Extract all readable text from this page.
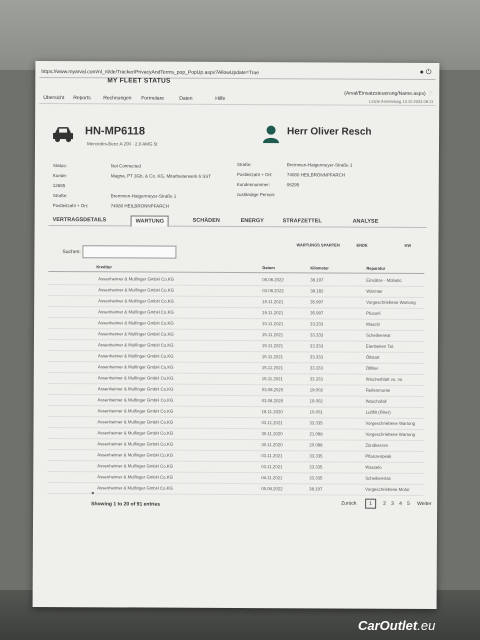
https://www.myarval.com/nl_nl/de/Tracker/PrivacyAndTerms_pop_PopUp.aspx?AllowUpdate=True	● ⏻
MY FLEET STATUS
Übersicht Reports Rechnungen Formulare	Daten	Hilfe
(Arval/Einsatzsteuerung/Name.aspx) ❔
Letzte Anmeldung 13.10.2023 09:11
HN-MP6118
Mercedes-Benz A 200 · 2.0 AMG 5t
Herr Oliver Resch
Status:	Not Connected
Kunde:	Magna, PT 3Gb, & Co. KG, Mitarbeiterwerk 6 SST
12665
Straße:	Bremmen-Haigermeyer-Straße 1
Postleitzahl + Ort:	74080 HEILBRONNPFARCH
Straße:	Bremmen-Haigermeyer-Straße 1
Postleitzahl + Ort:	74080 HEILBRONNPFARCH
Kundennummer:	06295
zuständige Person:
VERTRAGSDETAILS	WARTUNG	SCHÄDEN	ENERGY	STRAFZETTEL	ANALYSE
WARTUNGS SPARTEN	ENDE	KW
Suchen:
Kreditor	Datum	Kilometer	Reparatur
Assenheimer & Mulfinger GmbH Co.KG	05.08.2022	38.197	Einsätze - Mobatic
Assenheimer & Mulfinger GmbH Co.KG	03.08.2022	38.182	Wärmter
Assenheimer & Mulfinger GmbH Co.KG	19.11.2021	35.997	Vorgeschriebene Wartung
Assenheimer & Mulfinger GmbH Co.KG	19.11.2021	35.997	Pfusorli
Assenheimer & Mulfinger GmbH Co.KG	10.11.2021	33.333	Waschi
Assenheimer & Mulfinger GmbH Co.KG	15.11.2021	33.333	Scheibenwar
Assenheimer & Mulfinger GmbH Co.KG	15.11.2021	33.333	Elenbeiten Tal.
Assenheimer & Mulfinger GmbH Co.KG	15.11.2021	33.333	Öllstart
Assenheimer & Mulfinger GmbH Co.KG	15.11.2021	33.333	Ölfilter
Assenheimer & Mulfinger GmbH Co.KG	15.11.2021	33.333	Wischerblatt vo. no
Assenheimer & Mulfinger GmbH Co.KG	03.08.2020	19.002	Reifenmunte
Assenheimer & Mulfinger GmbH Co.KG	03.08.2020	19.002	Waschofall
Assenheimer & Mulfinger GmbH Co.KG	18.11.2020	10.001	Luftfilt (Filter)
Assenheimer & Mulfinger GmbH Co.KG	03.11.2021	33.335	Vorgeschriebene Wartung
Assenheimer & Mulfinger GmbH Co.KG	30.11.2020	21.088	Vorgeschriebene Wartung
Assenheimer & Mulfinger GmbH Co.KG	30.11.2020	20.088	Zündkerzen
Assenheimer & Mulfinger GmbH Co.KG	03.11.2021	33.335	Pflanzenpeak
Assenheimer & Mulfinger GmbH Co.KG	03.11.2021	33.335	Wasselo
Assenheimer & Mulfinger GmbH Co.KG	04.11.2021	33.335	Scheibenvlas
Assenheimer & Mulfinger GmbH Co.KG	05.08.2022	38.197	Vorgeschriebene Motor
◂
Showing 1 to 20 of 91 entries	Zurück	1	2 3 4 5 Weiter
CarOutlet.eu
